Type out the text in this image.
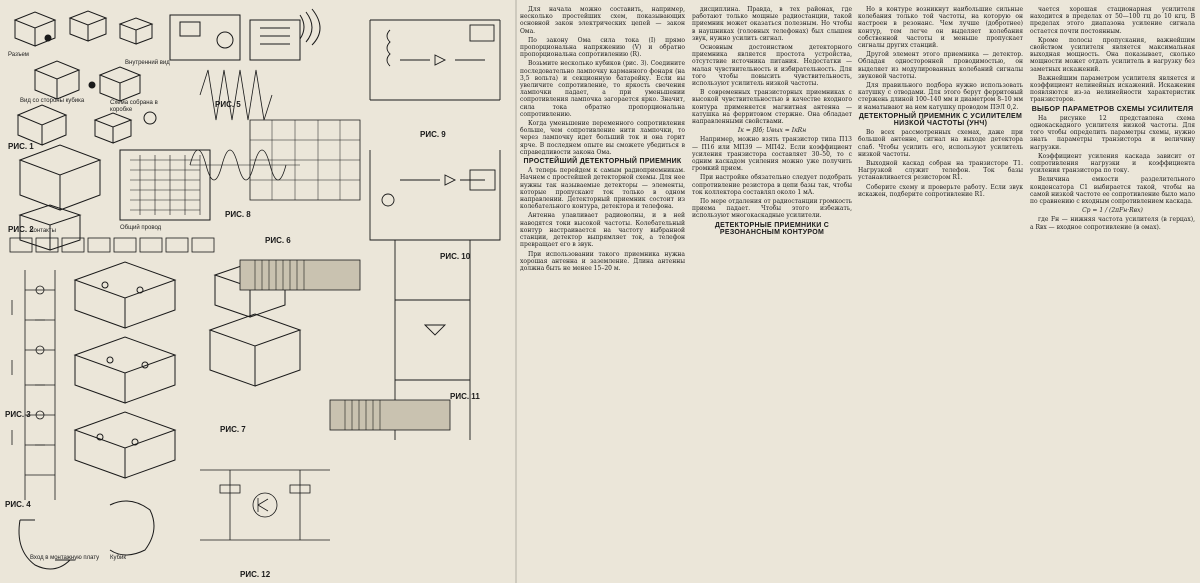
РИС. 1
Схема собрана в коробке
Разъем
Внутренний вид
Вид со стороны кубика
РИС. 2
Контакты	Общий провод
РИС. 3
РИС. 4
РИС. 5
Вход в монтажную плату Кубик
РИС. 6
РИС. 7
РИС. 8
РИС. 9
РИС. 10
РИС. 11
РИС. 12

Для начала можно составить, например, несколько простейших схем, показывающих основной закон электрических цепей — закон Ома.

По закону Ома сила тока (I) прямо пропорциональна напряжению (V) и обратно пропорциональна сопротивлению (R).

Возьмите несколько кубиков (рис. 3). Соедините последовательно лампочку карманного фонаря (на 3,5 вольта) и секционную батарейку. Если вы увеличите сопротивление, то яркость свечения лампочки падает, а при уменьшении сопротивления лампочка загорается ярко. Значит, сила тока обратно пропорциональна сопротивлению.

Когда уменьшение переменного сопротивления больше, чем сопротивление нити лампочки, то через лампочку идет больший ток и она горит ярче. В последнем опыте вы сможете убедиться в справедливости закона Ома.

ПРОСТЕЙШИЙ ДЕТЕКТОРНЫЙ ПРИЕМНИК

А теперь перейдем к самым радиоприемникам. Начнем с простейшей детекторной схемы. Для нее нужны так называемые детекторы — элементы, которые пропускают ток только в одном направлении. Детекторный приемник состоит из колебательного контура, детектора и телефона.

Антенна улавливает радиоволны, и в ней наводятся токи высокой частоты. Колебательный контур настраивается на частоту выбранной станции, детектор выпрямляет ток, а телефон превращает его в звук.

При использовании такого приемника нужна хорошая антенна и заземление. Длина антенны должна быть не менее 15–20 м.

дисциплина. Правда, в тех районах, где работают только мощные радиостанции, такой приемник может оказаться полезным. Но чтобы в наушниках (головных телефонах) был слышен звук, нужно усилить сигнал.

Основным достоинством детекторного приемника является простота устройства, отсутствие источника питания. Недостатки — малая чувствительность и избирательность. Для того чтобы повысить чувствительность, используют усилитель низкой частоты.

В современных транзисторных приемниках с высокой чувствительностью в качестве входного контура применяется магнитная антенна — катушка на ферритовом стержне. Она обладает направленными свойствами.

Iк = βIб; Uвых = IкRн

Например, можно взять транзистор типа П13 — П16 или МП39 — МП42. Если коэффициент усиления транзистора составляет 30–50, то с одним каскадом усиления можно уже получить громкий прием.

При настройке обязательно следует подобрать сопротивление резистора в цепи базы так, чтобы ток коллектора составлял около 1 мА.

По мере отдаления от радиостанции громкость приема падает. Чтобы этого избежать, используют многокаскадные усилители.

ДЕТЕКТОРНЫЕ ПРИЕМНИКИ С РЕЗОНАНСНЫМ КОНТУРОМ

Но в контуре возникнут наибольшие сильные колебания только той частоты, на которую он настроен в резонанс. Чем лучше (добротнее) контур, тем легче он выделяет колебания собственной частоты и меньше пропускает сигналы других станций.

Другой элемент этого приемника — детектор. Обладая односторонней проводимостью, он выделяет из модулированных колебаний сигналы звуковой частоты.

Для правильного подбора нужно использовать катушку с отводами. Для этого берут ферритовый стержень длиной 100–140 мм и диаметром 8–10 мм и наматывают на нем катушку проводом ПЭЛ 0,2.

ДЕТЕКТОРНЫЙ ПРИЕМНИК С УСИЛИТЕЛЕМ НИЗКОЙ ЧАСТОТЫ (УНЧ)

Во всех рассмотренных схемах, даже при большой антенне, сигнал на выходе детектора слаб. Чтобы усилить его, используют усилитель низкой частоты.

Выходной каскад собран на транзисторе Т1. Нагрузкой служит телефон. Ток базы устанавливается резистором R1.

Соберите схему и проверьте работу. Если звук искажен, подберите сопротивление R1.

чается хорошая стационарная усилителя находится в пределах от 50—100 гц до 10 кгц. В пределах этого диапазона усиление сигнала остается почти постоянным.

Кроме полосы пропускания, важнейшим свойством усилителя является максимальная выходная мощность. Она показывает, сколько мощности может отдать усилитель в нагрузку без заметных искажений.

Важнейшим параметром усилителя является и коэффициент нелинейных искажений. Искажения появляются из-за нелинейности характеристик транзисторов.

ВЫБОР ПАРАМЕТРОВ СХЕМЫ УСИЛИТЕЛЯ

На рисунке 12 представлена схема однокаскадного усилителя низкой частоты. Для того чтобы определить параметры схемы, нужно знать параметры транзистора и величину нагрузки.

Коэффициент усиления каскада зависит от сопротивления нагрузки и коэффициента усиления транзистора по току.

Величина емкости разделительного конденсатора C1 выбирается такой, чтобы на самой низкой частоте ее сопротивление было мало по сравнению с входным сопротивлением каскада.

Cр = 1 / (2πFн·Rвх)

где Fн — нижняя частота усилителя (в герцах), а Rвх — входное сопротивление (в омах).
